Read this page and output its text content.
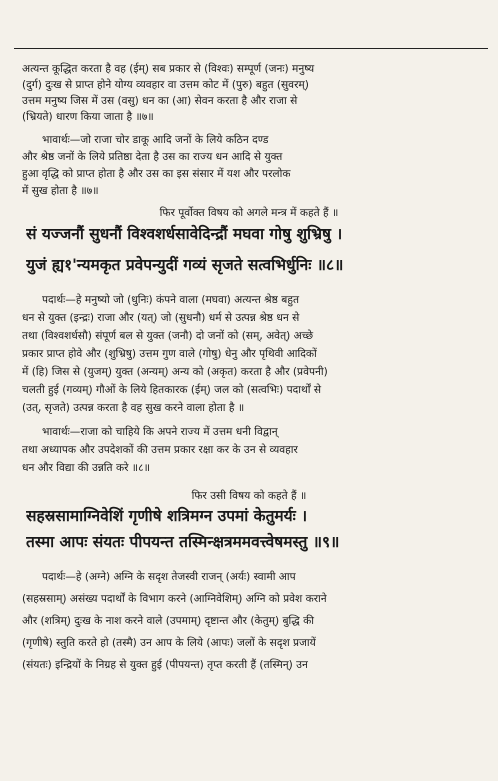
अत्यन्त कूद्धित करता है वह (ईम्) सब प्रकार से (विश्वः) सम्पूर्ण (जनः) मनुष्य
(दुर्ग) दुःख से प्राप्त होने योग्य व्यवहार वा उत्तम कोट में (पुरु) बहुत (सुवरम्)
उत्तम मनुष्य जिस में उस (वसु) धन का (आ) सेवन करता है और राजा से
(भ्रियते) धारण किया जाता है ॥७॥
भावार्थः—जो राजा चोर डाकू आदि जनों के लिये कठिन दण्ड
और श्रेष्ठ जनों के लिये प्रतिष्ठा देता है उस का राज्य धन आदि से युक्त
हुआ वृद्धि को प्राप्त होता है और उस का इस संसार में यश और परलोक
में सुख होता है ॥७॥
फिर पूर्वोक्त विषय को अगले मन्त्र में कहते हैं ॥
सं यज्जनौं सुधनौं विश्वशर्धसावेदिन्द्रौं मघवा गोषु शुभ्रिषु ।
युजं ह्य१'न्यमकृत प्रवेपन्युदीं गव्यं सृजते सत्वभिर्धुनिः ॥८॥
पदार्थः—हे मनुष्यो जो (धुनिः) कंपने वाला (मघवा) अत्यन्त श्रेष्ठ बहुत
धन से युक्त (इन्द्रः) राजा और (यत्) जो (सुधनौ) धर्म से उत्पन्न श्रेष्ठ धन से
तथा (विश्वशर्धसौ) संपूर्ण बल से युक्त (जनौ) दो जनों को (सम्, अवेत्) अच्छे
प्रकार प्राप्त होवे और (शुभ्रिषु) उत्तम गुण वाले (गोषु) धेनु और पृथिवी आदिकों
में (हि) जिस से (युजम्) युक्त (अन्यम्) अन्य को (अकृत) करता है और (प्रवेपनी)
चलती हुई (गव्यम्) गौओं के लिये हितकारक (ईम्) जल को (सत्वभिः) पदार्थों से
(उत्, सृजते) उत्पन्न करता है वह सुख करने वाला होता है ॥
भावार्थः—राजा को चाहिये कि अपने राज्य में उत्तम धनी विद्वान्
तथा अध्यापक और उपदेशकों की उत्तम प्रकार रक्षा कर के उन से व्यवहार
धन और विद्या की उन्नति करे ॥८॥
फिर उसी विषय को कहते हैं ॥
सहस्रसामाग्निवेशिं गृणीषे शत्रिमग्न उपमां केतुमर्यः ।
तस्मा आपः संयतः पीपयन्त तस्मिन्क्षत्रममवत्त्वेषमस्तु ॥९॥
पदार्थः—हे (अग्ने) अग्नि के सदृश तेजस्वी राजन् (अर्यः) स्वामी आप
(सहस्रसाम्) असंख्य पदार्थों के विभाग करने (आग्निवेशिम्) अग्नि को प्रवेश कराने
और (शत्रिम्) दुःख के नाश करने वाले (उपमाम्) दृष्टान्त और (केतुम्) बुद्धि की
(गृणीषे) स्तुति करते हो (तस्मै) उन आप के लिये (आपः) जलों के सदृश प्रजायें
(संयतः) इन्द्रियों के निग्रह से युक्त हुई (पीपयन्त) तृप्त करती हैं (तस्मिन्) उन
